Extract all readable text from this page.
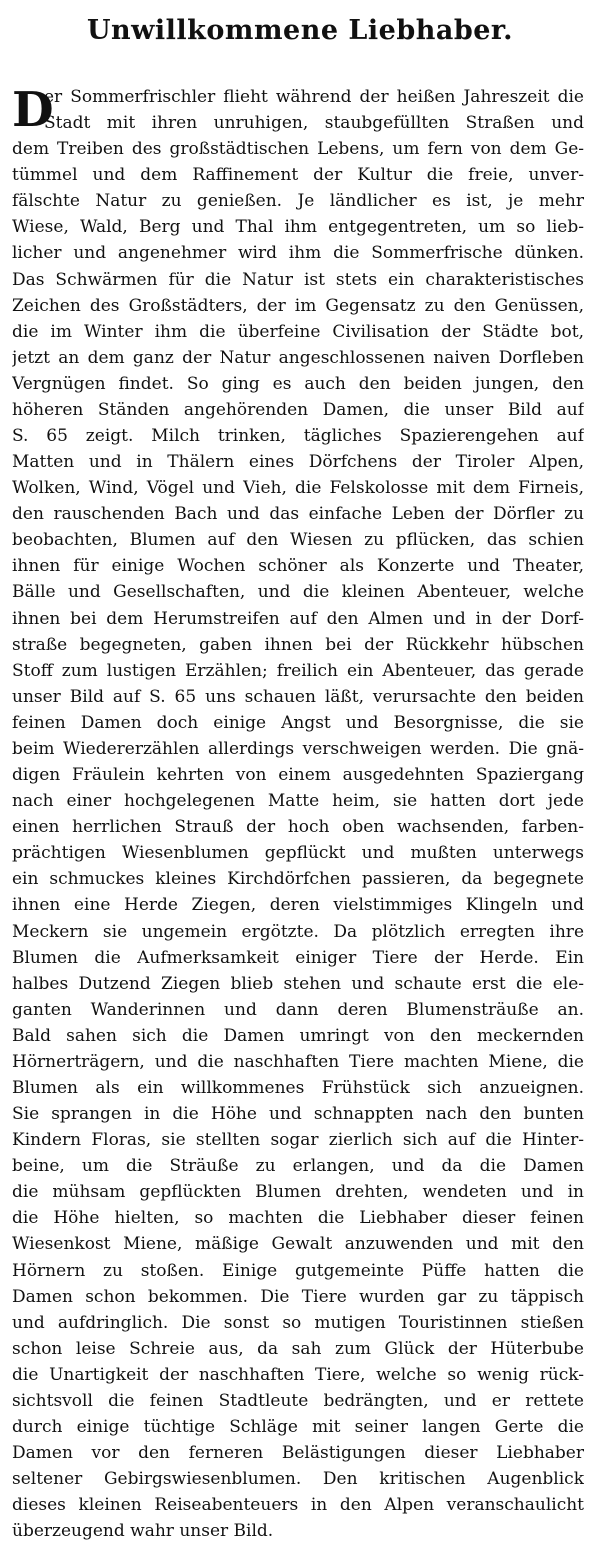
Unwillkommene Liebhaber.
D
er Sommerfrischler flieht während der heißen Jahreszeit die
Stadt mit ihren unruhigen, staubgefüllten Straßen und
dem Treiben des großstädtischen Lebens, um fern von dem Ge-
tümmel und dem Raffinement der Kultur die freie, unver-
fälschte Natur zu genießen. Je ländlicher es ist, je mehr
Wiese, Wald, Berg und Thal ihm entgegentreten, um so lieb-
licher und angenehmer wird ihm die Sommerfrische dünken.
Das Schwärmen für die Natur ist stets ein charakteristisches
Zeichen des Großstädters, der im Gegensatz zu den Genüssen,
die im Winter ihm die überfeine Civilisation der Städte bot,
jetzt an dem ganz der Natur angeschlossenen naiven Dorfleben
Vergnügen findet. So ging es auch den beiden jungen, den
höheren Ständen angehörenden Damen, die unser Bild auf
S. 65 zeigt. Milch trinken, tägliches Spazierengehen auf
Matten und in Thälern eines Dörfchens der Tiroler Alpen,
Wolken, Wind, Vögel und Vieh, die Felskolosse mit dem Firneis,
den rauschenden Bach und das einfache Leben der Dörfler zu
beobachten, Blumen auf den Wiesen zu pflücken, das schien
ihnen für einige Wochen schöner als Konzerte und Theater,
Bälle und Gesellschaften, und die kleinen Abenteuer, welche
ihnen bei dem Herumstreifen auf den Almen und in der Dorf-
straße begegneten, gaben ihnen bei der Rückkehr hübschen
Stoff zum lustigen Erzählen; freilich ein Abenteuer, das gerade
unser Bild auf S. 65 uns schauen läßt, verursachte den beiden
feinen Damen doch einige Angst und Besorgnisse, die sie
beim Wiedererzählen allerdings verschweigen werden. Die gnä-
digen Fräulein kehrten von einem ausgedehnten Spaziergang
nach einer hochgelegenen Matte heim, sie hatten dort jede
einen herrlichen Strauß der hoch oben wachsenden, farben-
prächtigen Wiesenblumen gepflückt und mußten unterwegs
ein schmuckes kleines Kirchdörfchen passieren, da begegnete
ihnen eine Herde Ziegen, deren vielstimmiges Klingeln und
Meckern sie ungemein ergötzte. Da plötzlich erregten ihre
Blumen die Aufmerksamkeit einiger Tiere der Herde. Ein
halbes Dutzend Ziegen blieb stehen und schaute erst die ele-
ganten Wanderinnen und dann deren Blumensträuße an.
Bald sahen sich die Damen umringt von den meckernden
Hörnerträgern, und die naschhaften Tiere machten Miene, die
Blumen als ein willkommenes Frühstück sich anzueignen.
Sie sprangen in die Höhe und schnappten nach den bunten
Kindern Floras, sie stellten sogar zierlich sich auf die Hinter-
beine, um die Sträuße zu erlangen, und da die Damen
die mühsam gepflückten Blumen drehten, wendeten und in
die Höhe hielten, so machten die Liebhaber dieser feinen
Wiesenkost Miene, mäßige Gewalt anzuwenden und mit den
Hörnern zu stoßen. Einige gutgemeinte Püffe hatten die
Damen schon bekommen. Die Tiere wurden gar zu täppisch
und aufdringlich. Die sonst so mutigen Touristinnen stießen
schon leise Schreie aus, da sah zum Glück der Hüterbube
die Unartigkeit der naschhaften Tiere, welche so wenig rück-
sichtsvoll die feinen Stadtleute bedrängten, und er rettete
durch einige tüchtige Schläge mit seiner langen Gerte die
Damen vor den ferneren Belästigungen dieser Liebhaber
seltener Gebirgswiesenblumen. Den kritischen Augenblick
dieses kleinen Reiseabenteuers in den Alpen veranschaulicht
überzeugend wahr unser Bild.
